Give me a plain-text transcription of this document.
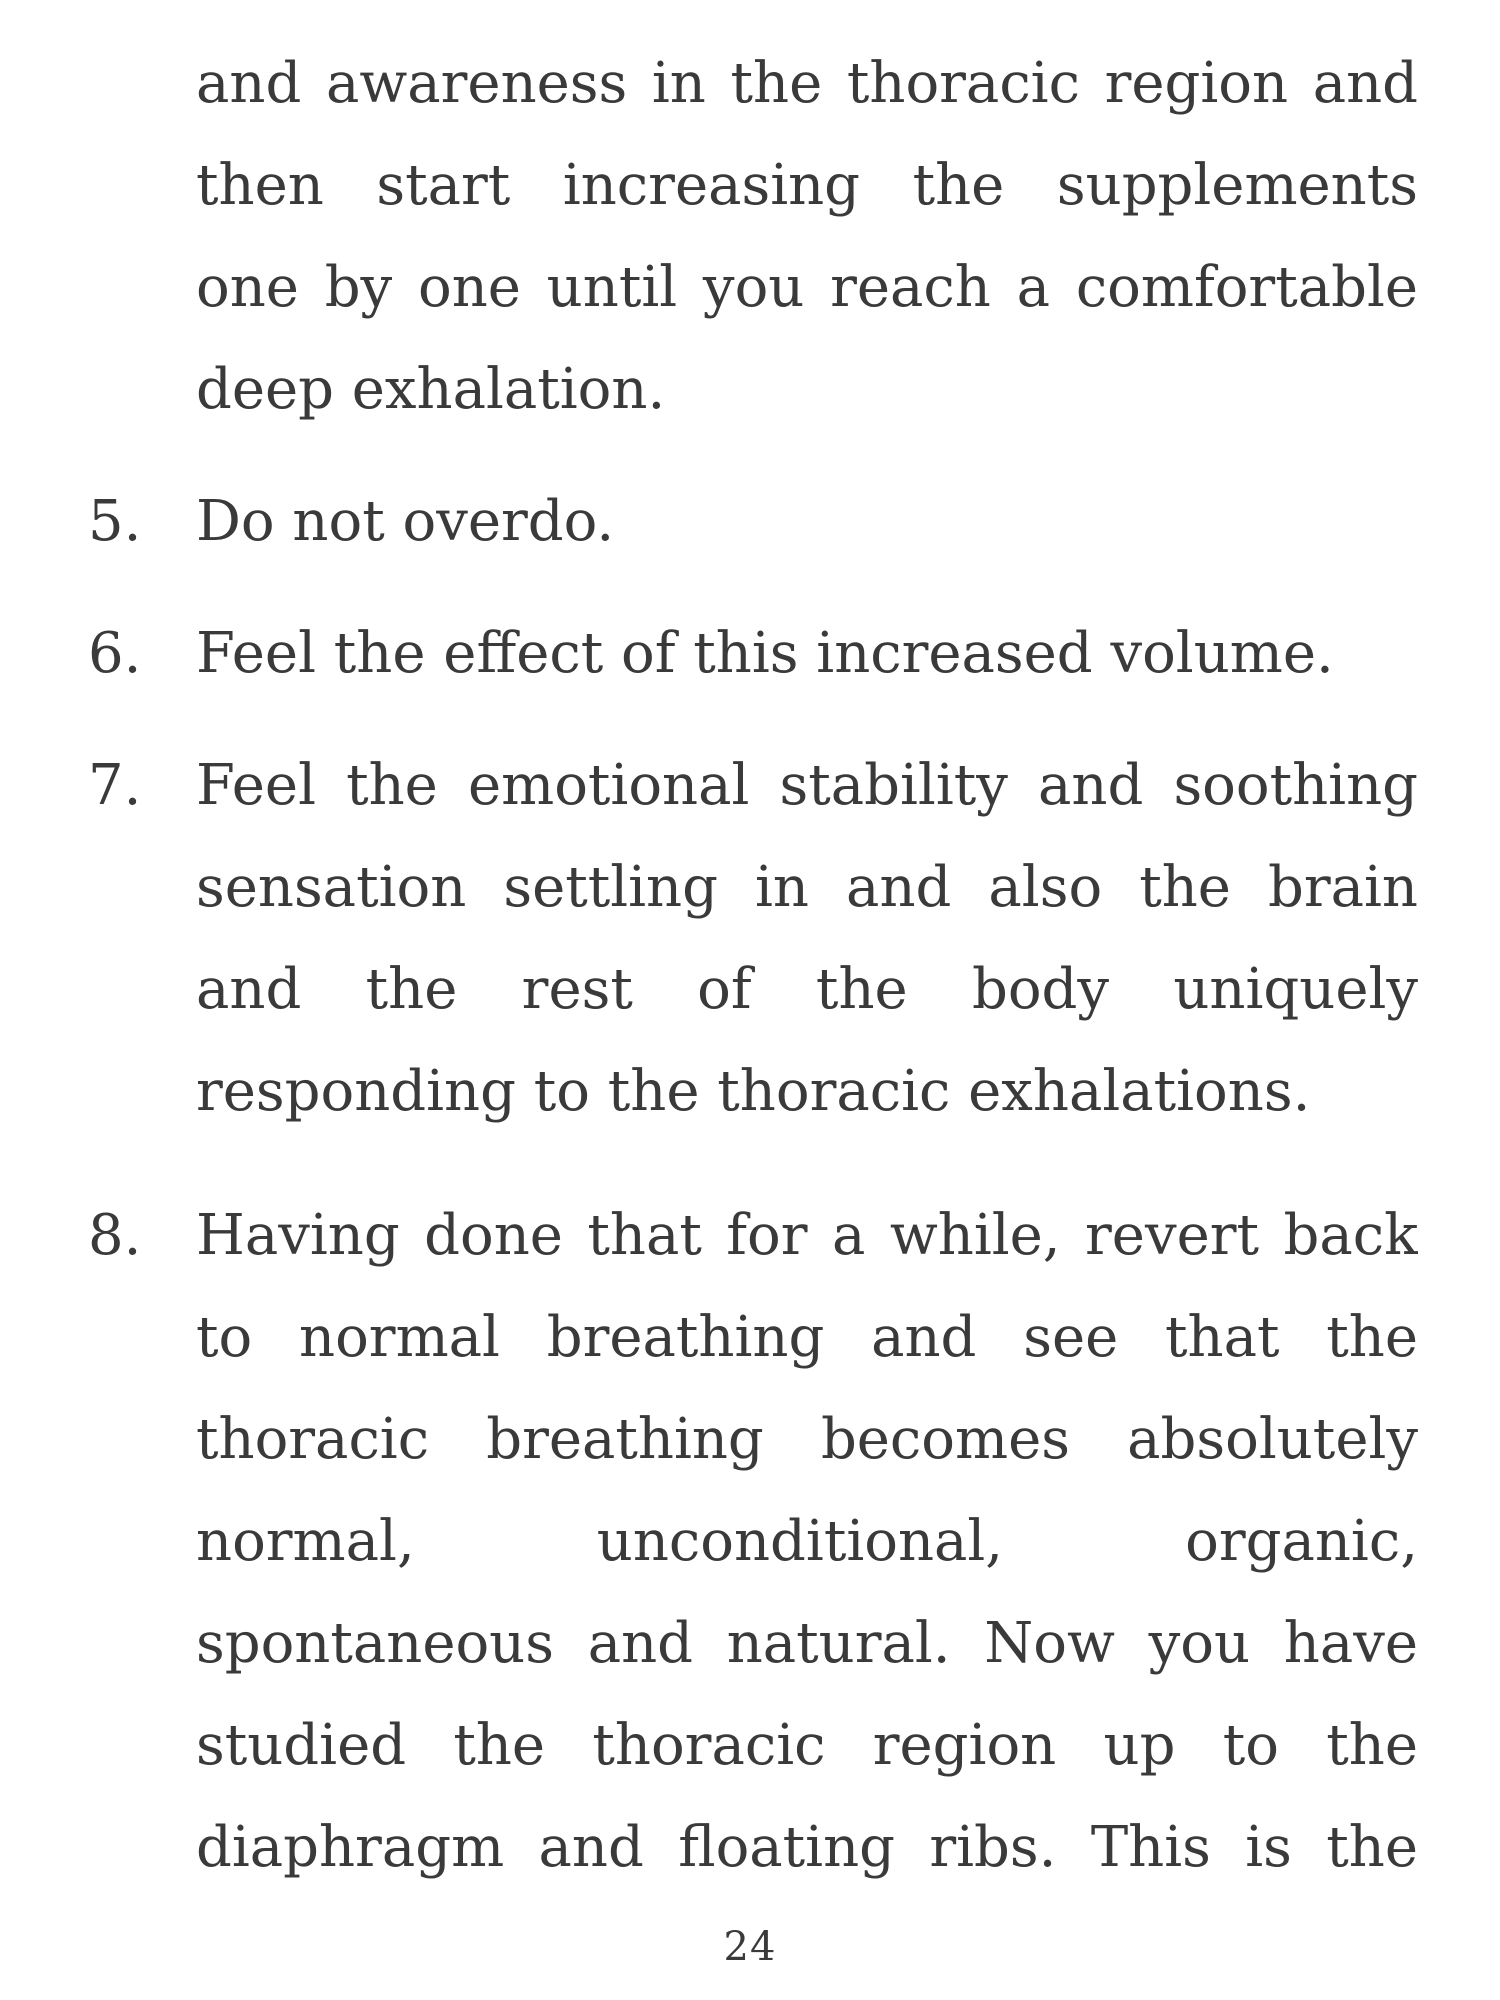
and awareness in the thoracic region and
then start increasing the supplements
one by one until you reach a comfortable
deep exhalation.
5. Do not overdo.
6. Feel the effect of this increased volume.
7. Feel the emotional stability and soothing
sensation settling in and also the brain
and the rest of the body uniquely
responding to the thoracic exhalations.
8. Having done that for a while, revert back
to normal breathing and see that the
thoracic breathing becomes absolutely
normal, unconditional, organic,
spontaneous and natural. Now you have
studied the thoracic region up to the
diaphragm and floating ribs. This is the
24
